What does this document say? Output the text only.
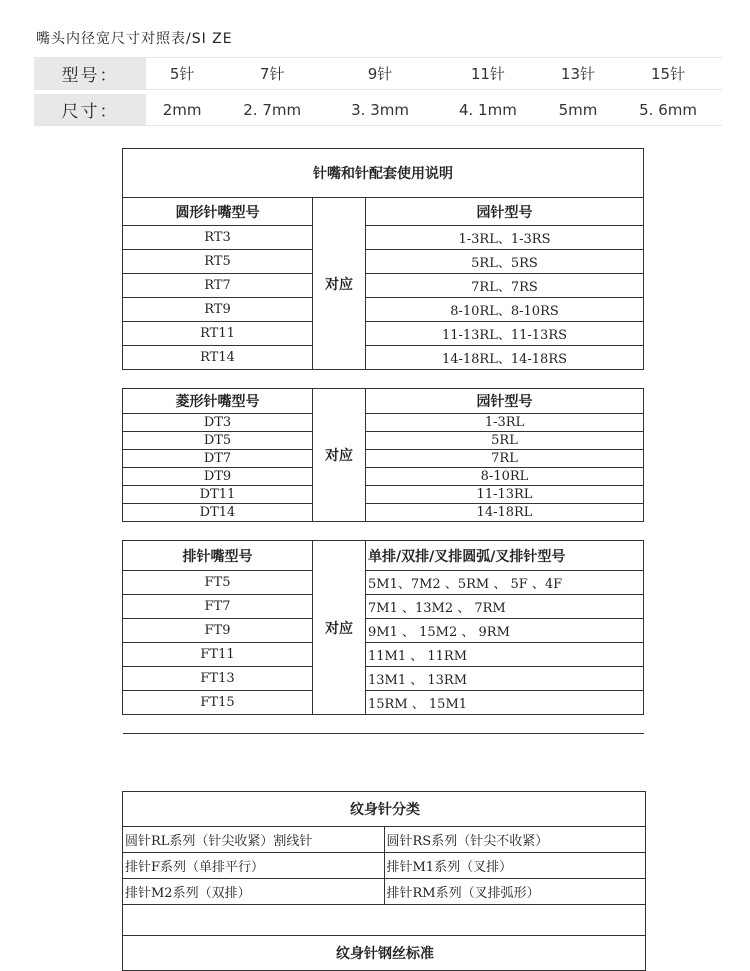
嘴头内径宽尺寸对照表/SI ZE
型号：	5针	7针	9针	11针	13针	15针

尺寸：	2mm	2. 7mm	3. 3mm	4. 1mm	5mm	5. 6mm
针嘴和针配套使用说明		
圆形针嘴型号	对应	园针型号
RT3		1-3RL、1-3RS
RT5		5RL、5RS
RT7		7RL、7RS
RT9		8-10RL、8-10RS
RT11		11-13RL、11-13RS
RT14		14-18RL、14-18RS

菱形针嘴型号	对应	园针型号
DT3		1-3RL
DT5		5RL
DT7		7RL
DT9		8-10RL
DT11		11-13RL
DT14		14-18RL

排针嘴型号	对应	单排/双排/叉排圆弧/叉排针型号
FT5		5M1、7M2 、5RM 、 5F 、4F
FT7		7M1 、13M2 、 7RM
FT9		9M1 、 15M2 、 9RM
FT11		11M1 、 11RM
FT13		13M1 、 13RM
FT15		15RM 、 15M1

纹身针分类	
圆针RL系列（针尖收紧）割线针	圆针RS系列（针尖不收紧）
排针F系列（单排平行）	排针M1系列（叉排）
排针M2系列（双排）	排针RM系列（叉排弧形）

纹身针钢丝标准	
